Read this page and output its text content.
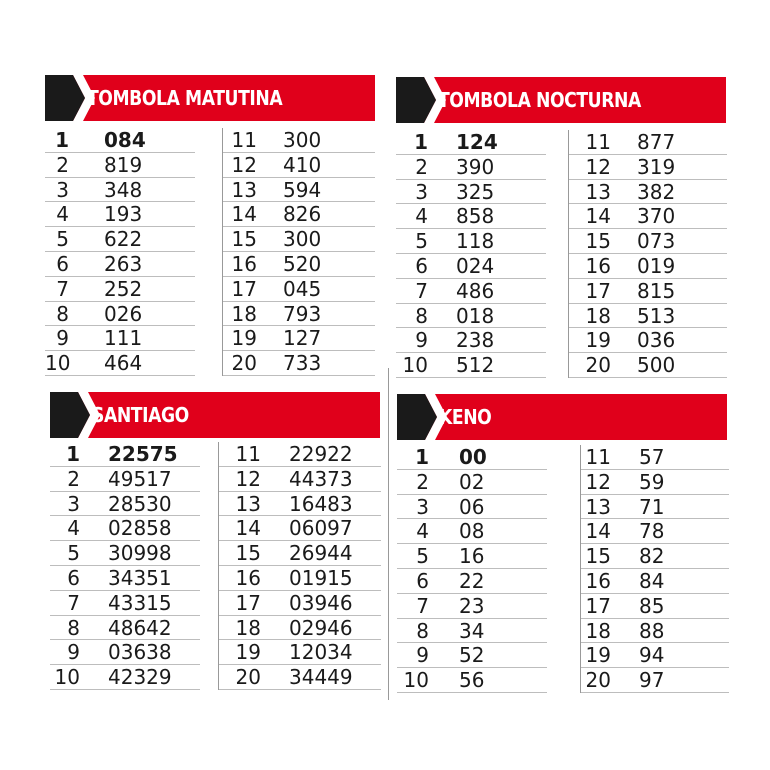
TOMBOLA MATUTINA
1 084
2 819
3 348
4 193
5 622
6 263
7 252
8 026
9 111
10 464
11 300
12 410
13 594
14 826
15 300
16 520
17 045
18 793
19 127
20 733
TOMBOLA NOCTURNA
1 124
2 390
3 325
4 858
5 118
6 024
7 486
8 018
9 238
10 512
11 877
12 319
13 382
14 370
15 073
16 019
17 815
18 513
19 036
20 500
SANTIAGO
1 22575
2 49517
3 28530
4 02858
5 30998
6 34351
7 43315
8 48642
9 03638
10 42329
11 22922
12 44373
13 16483
14 06097
15 26944
16 01915
17 03946
18 02946
19 12034
20 34449
KENO
1 00
2 02
3 06
4 08
5 16
6 22
7 23
8 34
9 52
10 56
11 57
12 59
13 71
14 78
15 82
16 84
17 85
18 88
19 94
20 97
